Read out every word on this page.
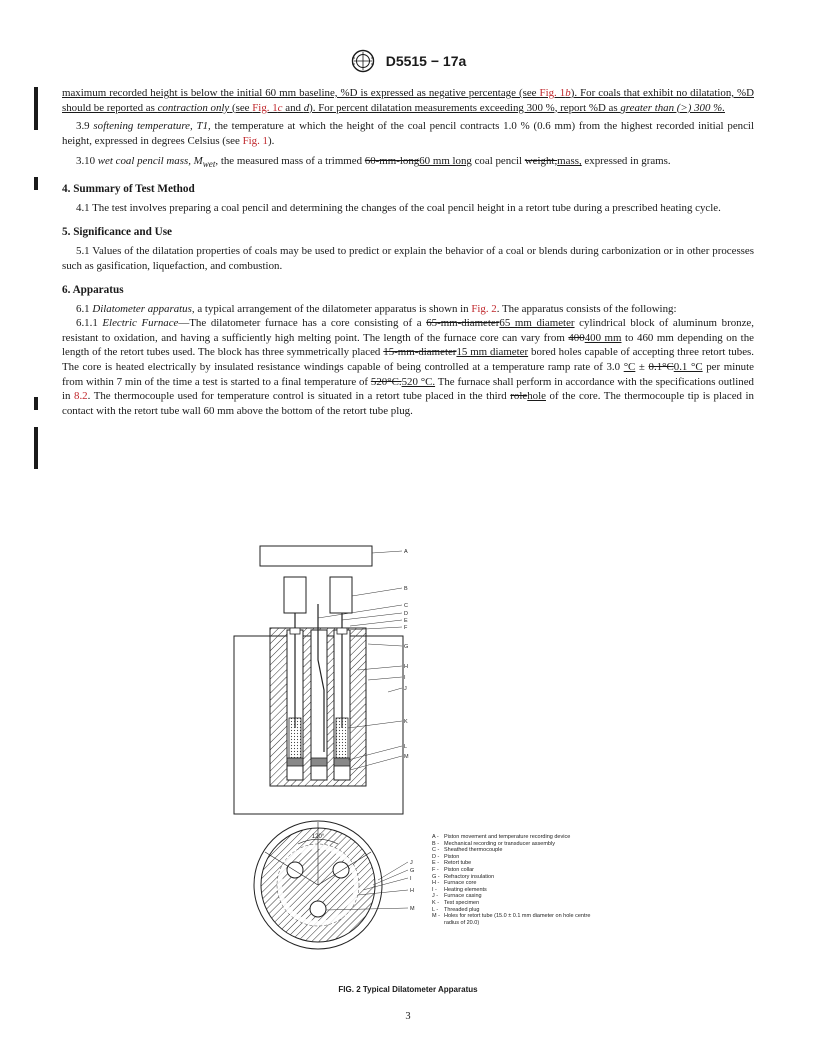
D5515 − 17a

maximum recorded height is below the initial 60 mm baseline, %D is expressed as negative percentage (see Fig. 1b). For coals that exhibit no dilatation, %D should be reported as contraction only (see Fig. 1c and d). For percent dilatation measurements exceeding 300 %, report %D as greater than (>) 300 %.

3.9 softening temperature, T1, the temperature at which the height of the coal pencil contracts 1.0 % (0.6 mm) from the highest recorded initial pencil height, expressed in degrees Celsius (see Fig. 1).

3.10 wet coal pencil mass, $M_{wet}$, the measured mass of a trimmed 60-mm-long60 mm long coal pencil weight,mass, expressed in grams.

4. Summary of Test Method

4.1 The test involves preparing a coal pencil and determining the changes of the coal pencil height in a retort tube during a prescribed heating cycle.

5. Significance and Use

5.1 Values of the dilatation properties of coals may be used to predict or explain the behavior of a coal or blends during carbonization or in other processes such as gasification, liquefaction, and combustion.

6. Apparatus

6.1 Dilatometer apparatus, a typical arrangement of the dilatometer apparatus is shown in Fig. 2. The apparatus consists of the following:

6.1.1 Electric Furnace—The dilatometer furnace has a core consisting of a 65-mm-diameter65 mm diameter cylindrical block of aluminum bronze, resistant to oxidation, and having a sufficiently high melting point. The length of the furnace core can vary from 400400 mm to 460 mm depending on the length of the retort tubes used. The block has three symmetrically placed 15-mm-diameter15 mm diameter bored holes capable of accepting three retort tubes. The core is heated electrically by insulated resistance windings capable of being controlled at a temperature ramp rate of 3.0 °C ± 0.1°C0.1 °C per minute from within 7 min of the time a test is started to a final temperature of 520°C.520 °C. The furnace shall perform in accordance with the specifications outlined in 8.2. The thermocouple used for temperature control is situated in a retort tube placed in the third rolehole of the core. The thermocouple tip is placed in contact with the retort tube wall 60 mm above the bottom of the retort tube plug.

A
B
C
D
E
F
G
H
I
J
K
L
M
120°
J
G
I
H
M
A - Piston movement and temperature recording device
B - Mechanical recording or transducer assembly
C - Sheathed thermocouple
D - Piston
E - Retort tube
F - Piston collar
G - Refractory insulation
H - Furnace core
I -	Heating elements
J -	Furnace casing
K - Test specimen
L -	Threaded plug
M - Holes for retort tube (15.0 ± 0.1 mm diameter on hole centre radius of 20.0)
FIG. 2 Typical Dilatometer Apparatus
3
